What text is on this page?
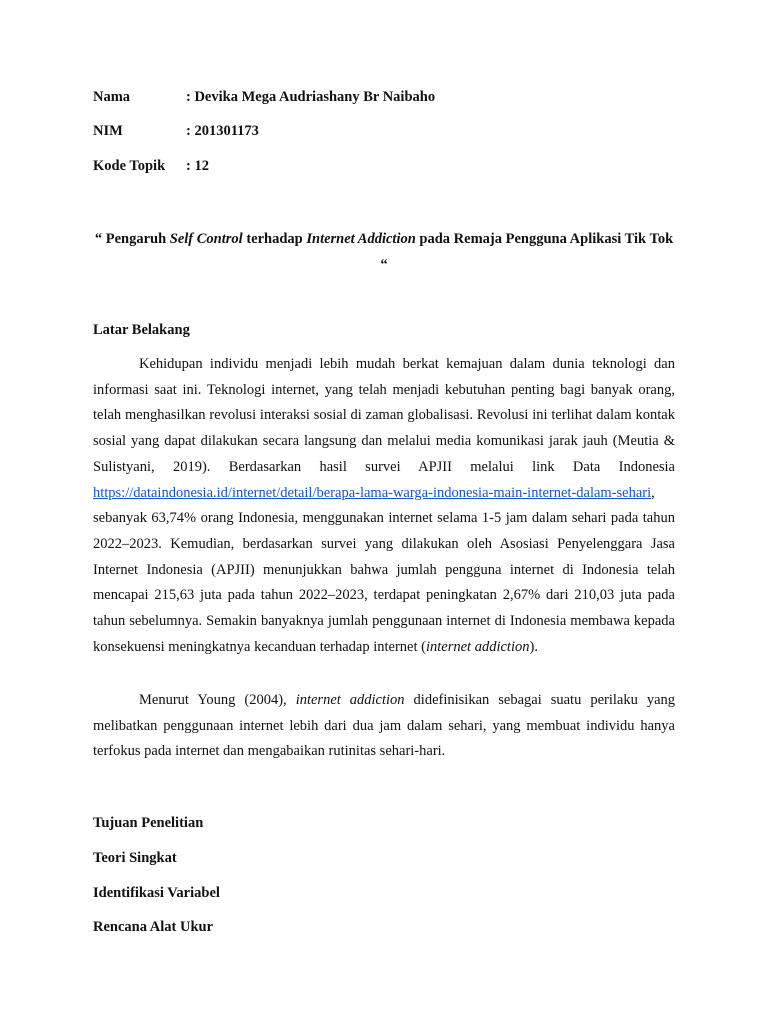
Nama	: Devika Mega Audriashany Br Naibaho
NIM	: 201301173
Kode Topik : 12
“ Pengaruh Self Control terhadap Internet Addiction pada Remaja Pengguna Aplikasi Tik Tok “
Latar Belakang

Kehidupan individu menjadi lebih mudah berkat kemajuan dalam dunia teknologi dan informasi saat ini. Teknologi internet, yang telah menjadi kebutuhan penting bagi banyak orang, telah menghasilkan revolusi interaksi sosial di zaman globalisasi. Revolusi ini terlihat dalam kontak sosial yang dapat dilakukan secara langsung dan melalui media komunikasi jarak jauh (Meutia & Sulistyani, 2019). Berdasarkan hasil survei APJII melalui link Data Indonesia https://dataindonesia.id/internet/detail/berapa-lama-warga-indonesia-main-internet-dalam-sehari, sebanyak 63,74% orang Indonesia, menggunakan internet selama 1-5 jam dalam sehari pada tahun 2022–2023. Kemudian, berdasarkan survei yang dilakukan oleh Asosiasi Penyelenggara Jasa Internet Indonesia (APJII) menunjukkan bahwa jumlah pengguna internet di Indonesia telah mencapai 215,63 juta pada tahun 2022–2023, terdapat peningkatan 2,67% dari 210,03 juta pada tahun sebelumnya. Semakin banyaknya jumlah penggunaan internet di Indonesia membawa kepada konsekuensi meningkatnya kecanduan terhadap internet (internet addiction).

Menurut Young (2004), internet addiction didefinisikan sebagai suatu perilaku yang melibatkan penggunaan internet lebih dari dua jam dalam sehari, yang membuat individu hanya terfokus pada internet dan mengabaikan rutinitas sehari-hari.

Tujuan Penelitian
Teori Singkat
Identifikasi Variabel
Rencana Alat Ukur
